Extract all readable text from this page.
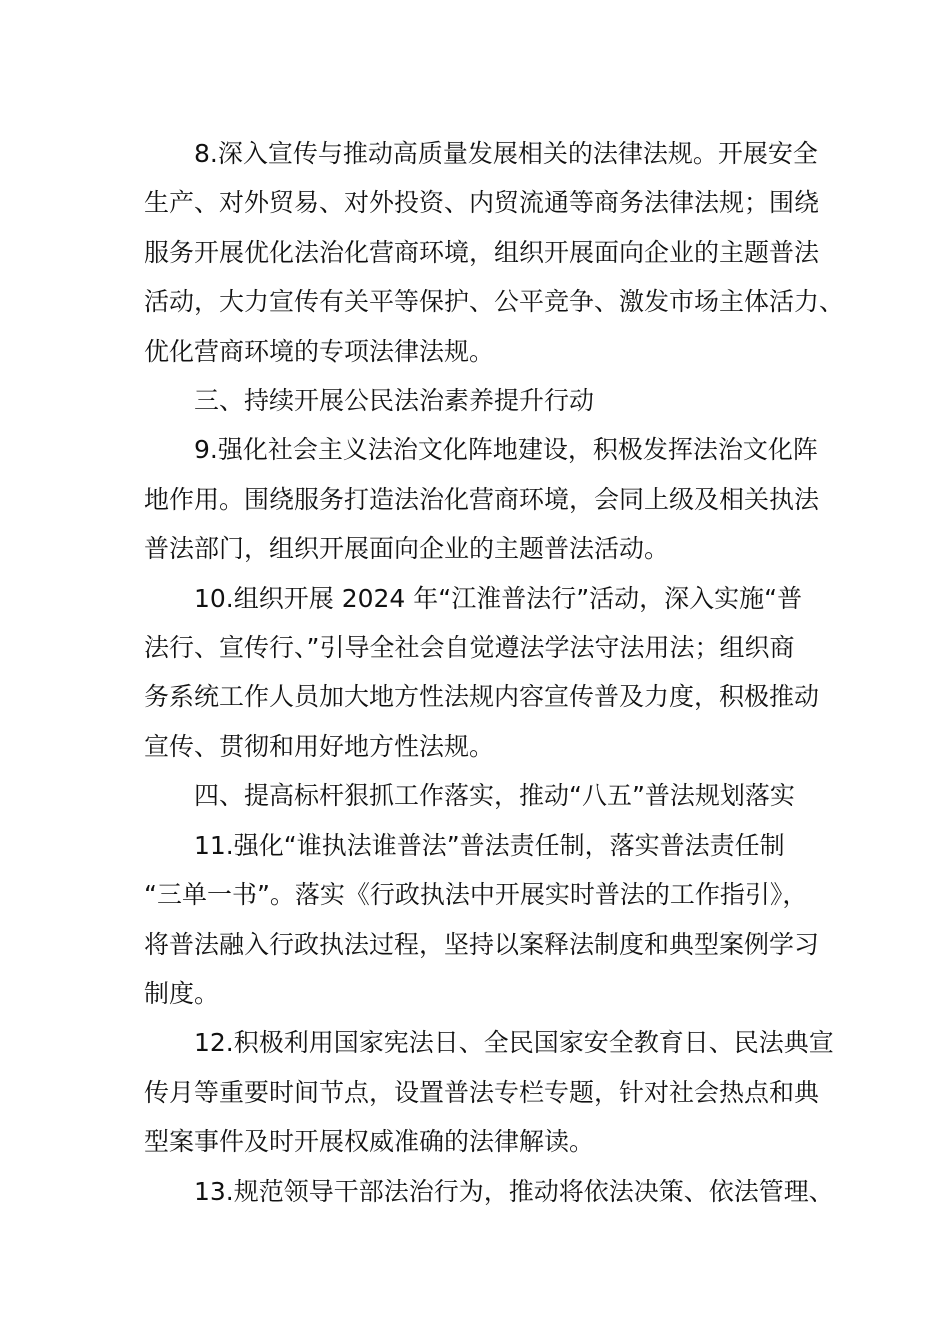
8.深入宣传与推动高质量发展相关的法律法规。开展安全
生产、对外贸易、对外投资、内贸流通等商务法律法规；围绕
服务开展优化法治化营商环境，组织开展面向企业的主题普法
活动，大力宣传有关平等保护、公平竞争、激发市场主体活力、
优化营商环境的专项法律法规。
三、持续开展公民法治素养提升行动
9.强化社会主义法治文化阵地建设，积极发挥法治文化阵
地作用。围绕服务打造法治化营商环境，会同上级及相关执法
普法部门，组织开展面向企业的主题普法活动。
10.组织开展 2024 年“江淮普法行”活动，深入实施“普
法行、宣传行、”引导全社会自觉遵法学法守法用法；组织商
务系统工作人员加大地方性法规内容宣传普及力度，积极推动
宣传、贯彻和用好地方性法规。
四、提高标杆狠抓工作落实，推动“八五”普法规划落实
11.强化“谁执法谁普法”普法责任制，落实普法责任制
“三单一书”。落实《行政执法中开展实时普法的工作指引》，
将普法融入行政执法过程，坚持以案释法制度和典型案例学习
制度。
12.积极利用国家宪法日、全民国家安全教育日、民法典宣
传月等重要时间节点，设置普法专栏专题，针对社会热点和典
型案事件及时开展权威准确的法律解读。
13.规范领导干部法治行为，推动将依法决策、依法管理、
